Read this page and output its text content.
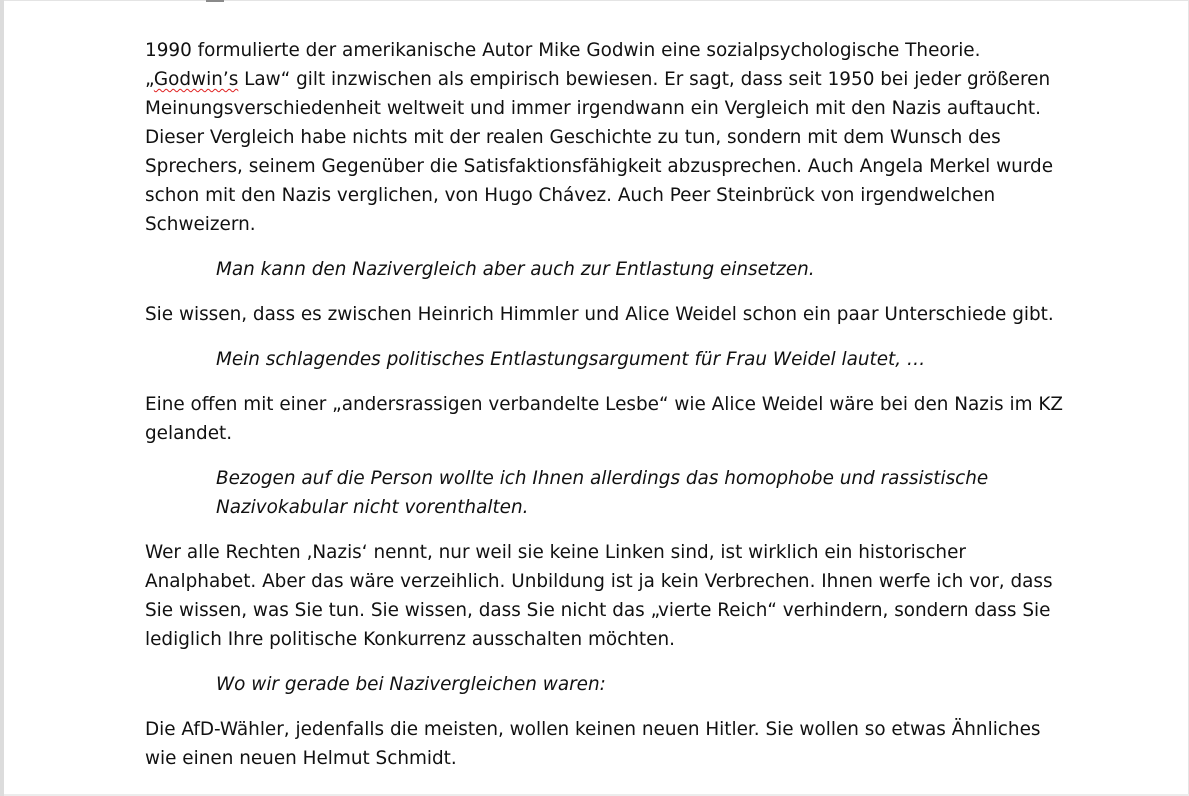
1990 formulierte der amerikanische Autor Mike Godwin eine sozialpsychologische Theorie.
„Godwin’s Law“ gilt inzwischen als empirisch bewiesen. Er sagt, dass seit 1950 bei jeder größeren
Meinungsverschiedenheit weltweit und immer irgendwann ein Vergleich mit den Nazis auftaucht.
Dieser Vergleich habe nichts mit der realen Geschichte zu tun, sondern mit dem Wunsch des
Sprechers, seinem Gegenüber die Satisfaktionsfähigkeit abzusprechen. Auch Angela Merkel wurde
schon mit den Nazis verglichen, von Hugo Chávez. Auch Peer Steinbrück von irgendwelchen
Schweizern.

Man kann den Nazivergleich aber auch zur Entlastung einsetzen.

Sie wissen, dass es zwischen Heinrich Himmler und Alice Weidel schon ein paar Unterschiede gibt.

Mein schlagendes politisches Entlastungsargument für Frau Weidel lautet, …

Eine offen mit einer „andersrassigen verbandelte Lesbe“ wie Alice Weidel wäre bei den Nazis im KZ
gelandet.

Bezogen auf die Person wollte ich Ihnen allerdings das homophobe und rassistische
Nazivokabular nicht vorenthalten.

Wer alle Rechten ‚Nazis‘ nennt, nur weil sie keine Linken sind, ist wirklich ein historischer
Analphabet. Aber das wäre verzeihlich. Unbildung ist ja kein Verbrechen. Ihnen werfe ich vor, dass
Sie wissen, was Sie tun. Sie wissen, dass Sie nicht das „vierte Reich“ verhindern, sondern dass Sie
lediglich Ihre politische Konkurrenz ausschalten möchten.

Wo wir gerade bei Nazivergleichen waren:

Die AfD-Wähler, jedenfalls die meisten, wollen keinen neuen Hitler. Sie wollen so etwas Ähnliches
wie einen neuen Helmut Schmidt.
